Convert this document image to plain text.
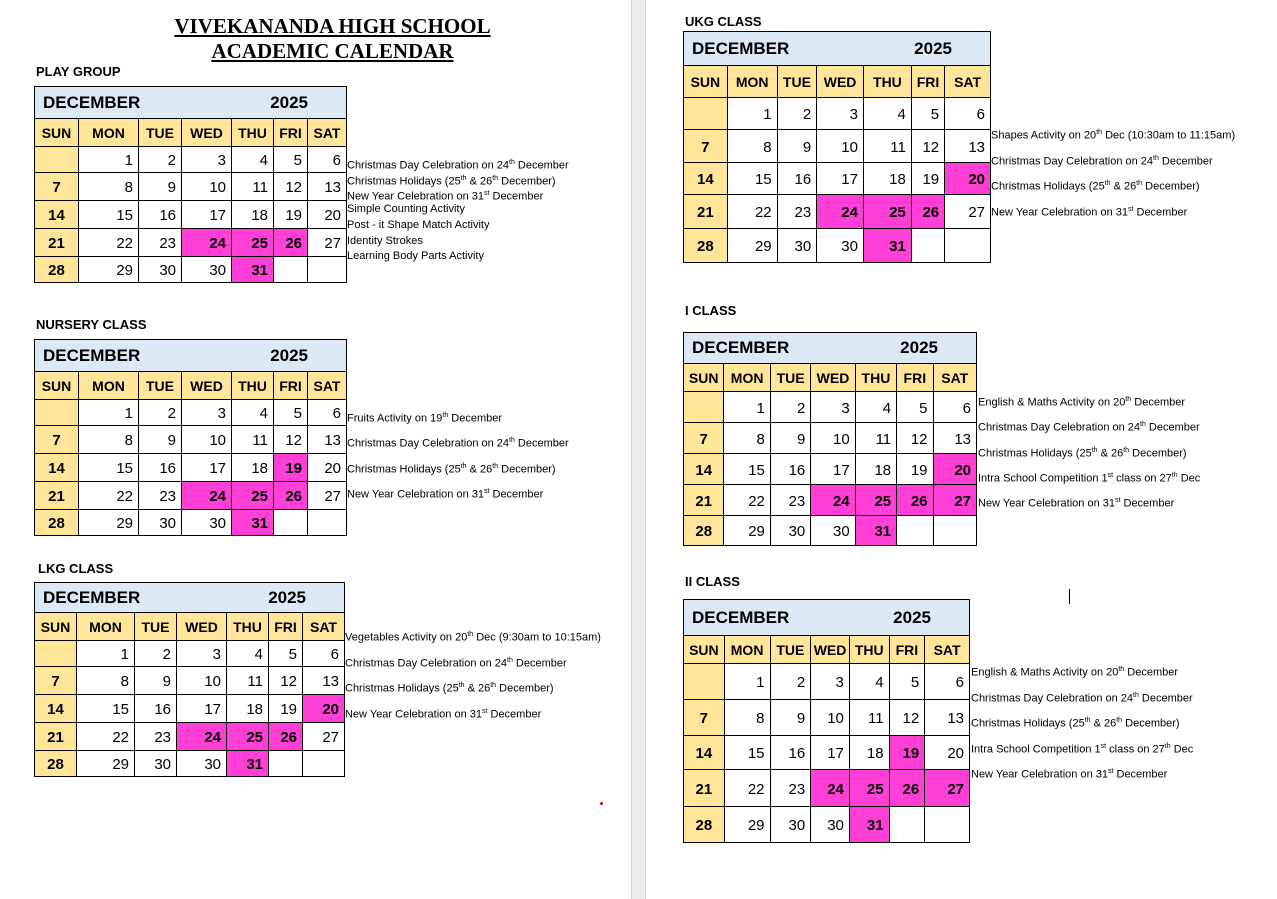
VIVEKANANDA HIGH SCHOOL
ACADEMIC CALENDAR
PLAY GROUP
DECEMBER 2025						

SUN	MON	TUE	WED	THU	FRI	SAT
	1	2	3	4	5	6
7	8	9	10	11	12	13
14	15	16	17	18	19	20
21	22	23	24	25	26	27
28	29	30	30	31		
Christmas Day Celebration on 24th December
Christmas Holidays (25th & 26th December)
New Year Celebration on 31st December
Simple Counting Activity
Post - it Shape Match Activity
Identity Strokes
Learning Body Parts Activity
NURSERY CLASS
DECEMBER 2025						

SUN	MON	TUE	WED	THU	FRI	SAT
	1	2	3	4	5	6
7	8	9	10	11	12	13
14	15	16	17	18	19	20
21	22	23	24	25	26	27
28	29	30	30	31		
Fruits Activity on 19th December
Christmas Day Celebration on 24th December
Christmas Holidays (25th & 26th December)
New Year Celebration on 31st December
LKG CLASS
DECEMBER 2025						

SUN	MON	TUE	WED	THU	FRI	SAT
	1	2	3	4	5	6
7	8	9	10	11	12	13
14	15	16	17	18	19	20
21	22	23	24	25	26	27
28	29	30	30	31		
Vegetables Activity on 20th Dec (9:30am to 10:15am)
Christmas Day Celebration on 24th December
Christmas Holidays (25th & 26th December)
New Year Celebration on 31st December
UKG CLASS
DECEMBER 2025						

SUN	MON	TUE	WED	THU	FRI	SAT
	1	2	3	4	5	6
7	8	9	10	11	12	13
14	15	16	17	18	19	20
21	22	23	24	25	26	27
28	29	30	30	31		
Shapes Activity on 20th Dec (10:30am to 11:15am)
Christmas Day Celebration on 24th December
Christmas Holidays (25th & 26th December)
New Year Celebration on 31st December
I CLASS
DECEMBER 2025						

SUN	MON	TUE	WED	THU	FRI	SAT
	1	2	3	4	5	6
7	8	9	10	11	12	13
14	15	16	17	18	19	20
21	22	23	24	25	26	27
28	29	30	30	31		
English & Maths Activity on 20th December
Christmas Day Celebration on 24th December
Christmas Holidays (25th & 26th December)
Intra School Competition 1st class on 27th Dec
New Year Celebration on 31st December
II CLASS
DECEMBER 2025						

SUN	MON	TUE	WED	THU	FRI	SAT
	1	2	3	4	5	6
7	8	9	10	11	12	13
14	15	16	17	18	19	20
21	22	23	24	25	26	27
28	29	30	30	31		
English & Maths Activity on 20th December
Christmas Day Celebration on 24th December
Christmas Holidays (25th & 26th December)
Intra School Competition 1st class on 27th Dec
New Year Celebration on 31st December
